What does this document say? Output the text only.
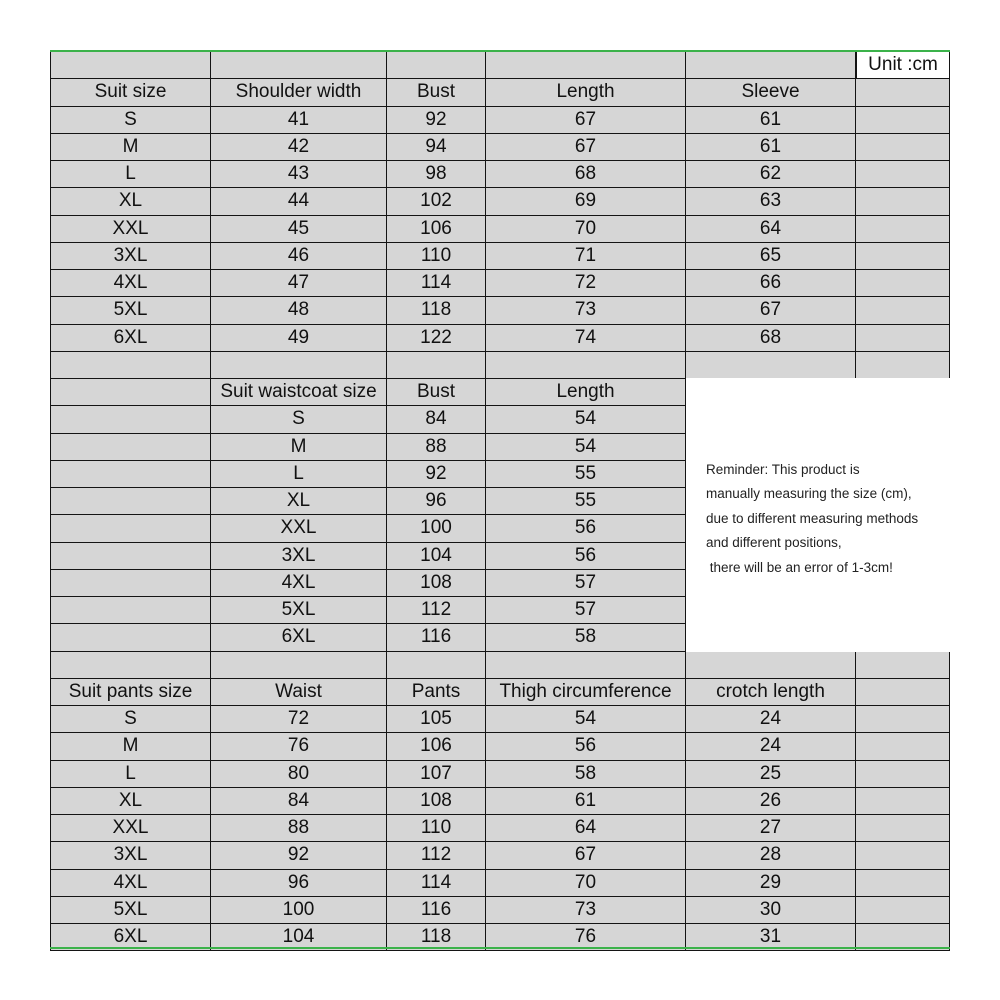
Unit :cm
Suit size	Shoulder width	Bust	Length	Sleeve
S	41	92	67	61
M	42	94	67	61
L	43	98	68	62
XL	44	102	69	63
XXL	45	106	70	64
3XL	46	110	71	65
4XL	47	114	72	66
5XL	48	118	73	67
6XL	49	122	74	68
Suit waistcoat size	Bust	Length
S	84	54
M	88	54
L	92	55
XL	96	55
XXL	100	56
3XL	104	56
4XL	108	57
5XL	112	57
6XL	116	58
Suit pants size	Waist	Pants	Thigh circumference	crotch length
S	72	105	54	24
M	76	106	56	24
L	80	107	58	25
XL	84	108	61	26
XXL	88	110	64	27
3XL	92	112	67	28
4XL	96	114	70	29
5XL	100	116	73	30
6XL	104	118	76	31
Reminder: This product is
manually measuring the size (cm),
due to different measuring methods
and different positions,
there will be an error of 1-3cm!
